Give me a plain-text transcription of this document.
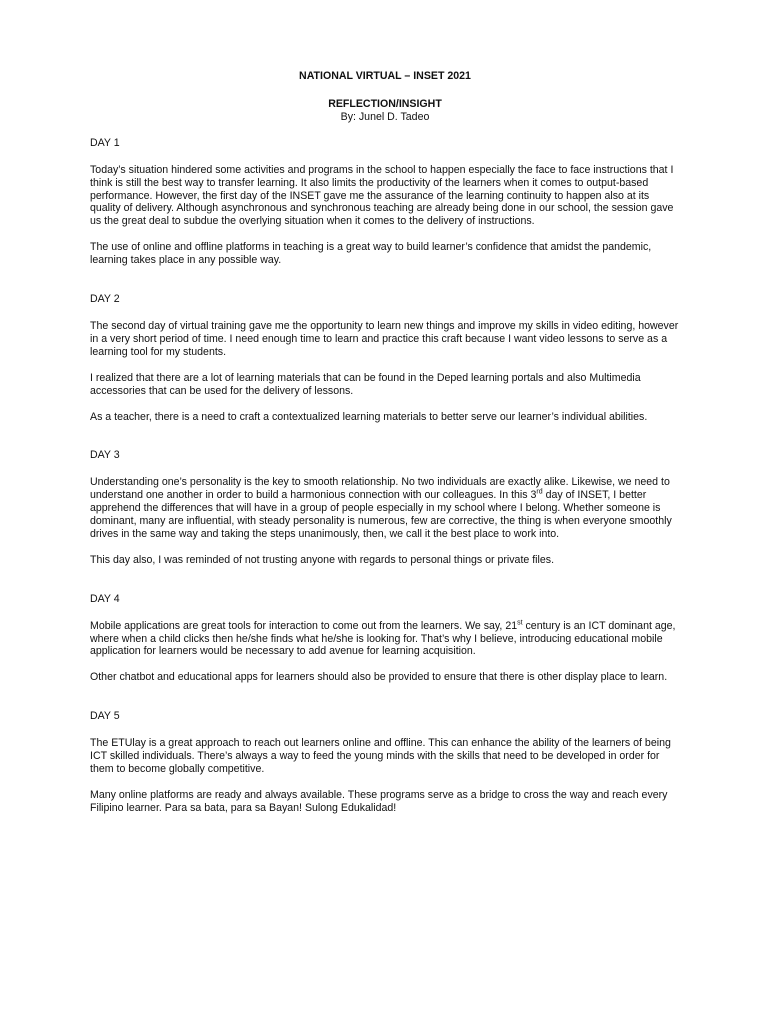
NATIONAL VIRTUAL – INSET 2021

REFLECTION/INSIGHT

By: Junel D. Tadeo

DAY 1

Today’s situation hindered some activities and programs in the school to happen especially the face to face instructions that I think is still the best way to transfer learning. It also limits the productivity of the learners when it comes to output-based performance. However, the first day of the INSET gave me the assurance of the learning continuity to happen also at its quality of delivery. Although asynchronous and synchronous teaching are already being done in our school, the session gave us the great deal to subdue the overlying situation when it comes to the delivery of instructions.

The use of online and offline platforms in teaching is a great way to build learner’s confidence that amidst the pandemic, learning takes place in any possible way.

DAY 2

The second day of virtual training gave me the opportunity to learn new things and improve my skills in video editing, however in a very short period of time. I need enough time to learn and practice this craft because I want video lessons to serve as a learning tool for my students.

I realized that there are a lot of learning materials that can be found in the Deped learning portals and also Multimedia accessories that can be used for the delivery of lessons.

As a teacher, there is a need to craft a contextualized learning materials to better serve our learner’s individual abilities.

DAY 3

Understanding one’s personality is the key to smooth relationship. No two individuals are exactly alike. Likewise, we need to understand one another in order to build a harmonious connection with our colleagues. In this 3rd day of INSET, I better apprehend the differences that will have in a group of people especially in my school where I belong. Whether someone is dominant, many are influential, with steady personality is numerous, few are corrective, the thing is when everyone smoothly drives in the same way and taking the steps unanimously, then, we call it the best place to work into.

This day also, I was reminded of not trusting anyone with regards to personal things or private files.

DAY 4

Mobile applications are great tools for interaction to come out from the learners. We say, 21st century is an ICT dominant age, where when a child clicks then he/she finds what he/she is looking for. That’s why I believe, introducing educational mobile application for learners would be necessary to add avenue for learning acquisition.

Other chatbot and educational apps for learners should also be provided to ensure that there is other display place to learn.

DAY 5

The ETUlay is a great approach to reach out learners online and offline. This can enhance the ability of the learners of being ICT skilled individuals. There’s always a way to feed the young minds with the skills that need to be developed in order for them to become globally competitive.

Many online platforms are ready and always available. These programs serve as a bridge to cross the way and reach every Filipino learner. Para sa bata, para sa Bayan! Sulong Edukalidad!
